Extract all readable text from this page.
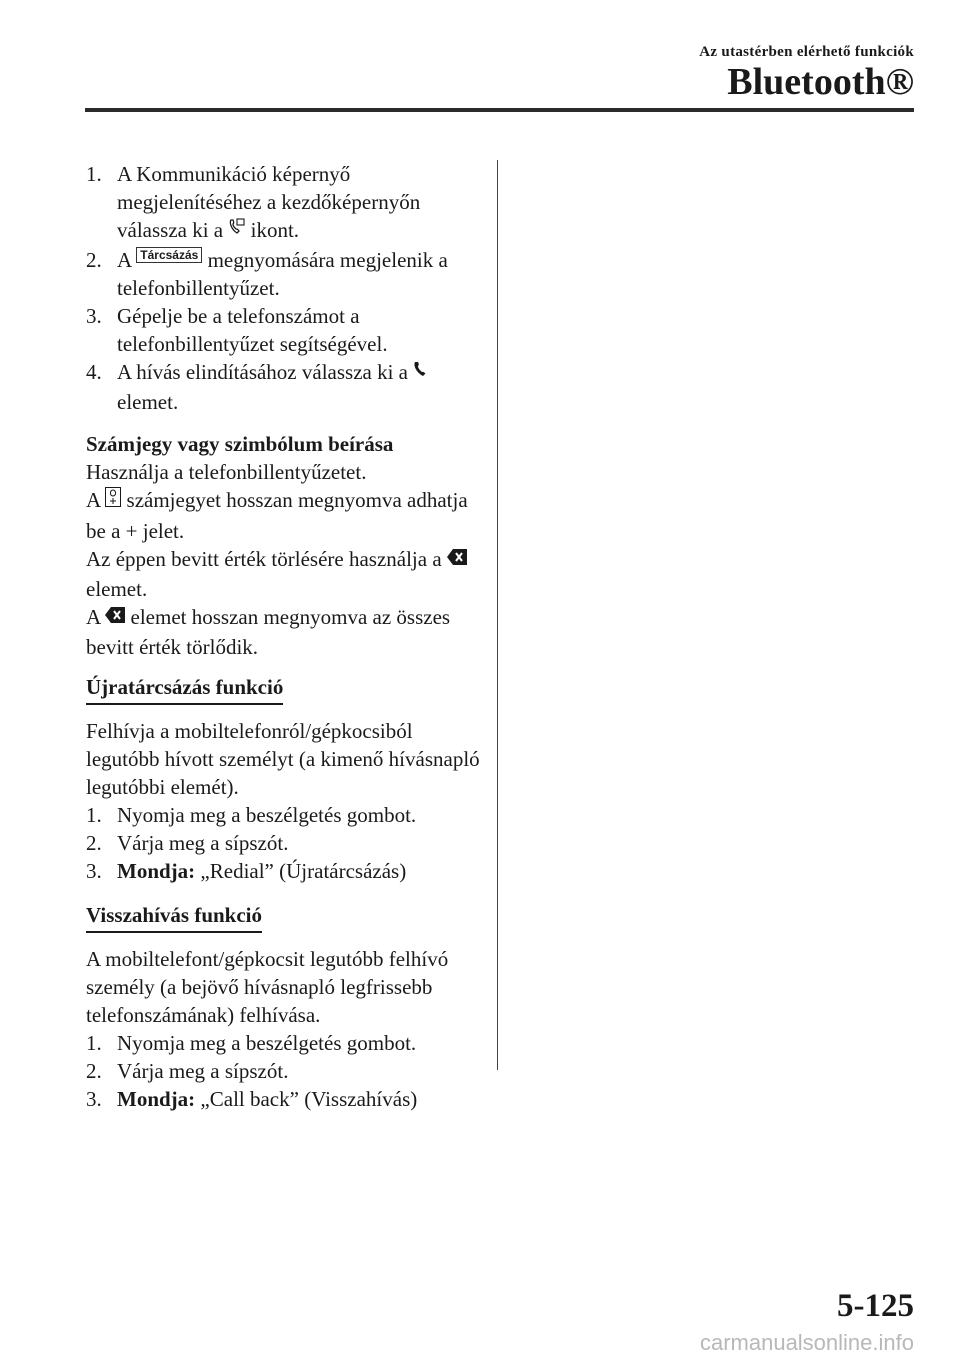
Az utastérben elérhető funkciók
Bluetooth®
1. A Kommunikáció képernyő megjelenítéséhez a kezdőképernyőn válassza ki a ikont.
2. A Tárcsázás megnyomására megjelenik a telefonbillentyűzet.
3. Gépelje be a telefonszámot a telefonbillentyűzet segítségével.
4. A hívás elindításához válassza ki a  elemet.

Számjegy vagy szimbólum beírása

Használja a telefonbillentyűzetet.

A számjegyet hosszan megnyomva adhatja be a + jelet.

Az éppen bevitt érték törlésére használja a  elemet.

A elemet hosszan megnyomva az összes bevitt érték törlődik.

Újratárcsázás funkció

Felhívja a mobiltelefonról/gépkocsiból legutóbb hívott személyt (a kimenő hívásnapló legutóbbi elemét).

1. Nyomja meg a beszélgetés gombot.
2. Várja meg a sípszót.
3. Mondja: „Redial” (Újratárcsázás)
Visszahívás funkció

A mobiltelefont/gépkocsit legutóbb felhívó személy (a bejövő hívásnapló legfrissebb telefonszámának) felhívása.

1. Nyomja meg a beszélgetés gombot.
2. Várja meg a sípszót.
3. Mondja: „Call back” (Visszahívás)
5-125
carmanualsonline.info
